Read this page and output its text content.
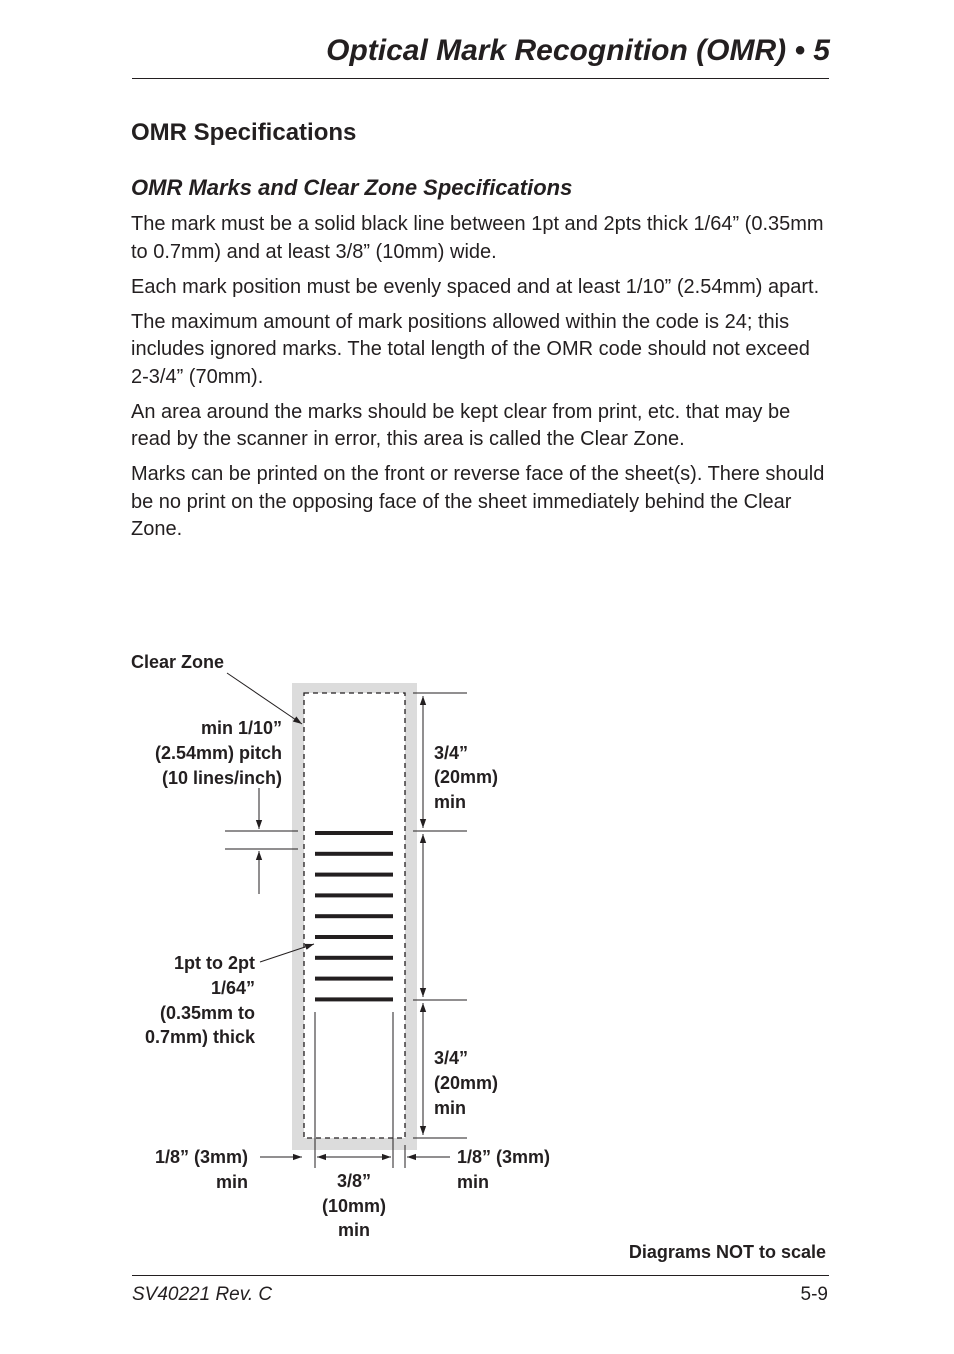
Optical Mark Recognition (OMR) • 5
OMR Specifications
OMR Marks and Clear Zone Specifications

The mark must be a solid black line between 1pt and 2pts thick 1/64” (0.35mm to 0.7mm) and at least 3/8” (10mm) wide.

Each mark position must be evenly spaced and at least 1/10” (2.54mm) apart.

The maximum amount of mark positions allowed within the code is 24; this includes ignored marks. The total length of the OMR code should not exceed 2-3/4” (70mm).

An area around the marks should be kept clear from print, etc. that may be read by the scanner in error, this area is called the Clear Zone.

Marks can be printed on the front or reverse face of the sheet(s). There should be no print on the opposing face of the sheet immediately behind the Clear Zone.

Clear Zone
min 1/10”
(2.54mm) pitch
(10 lines/inch)
1pt to 2pt
1/64”
(0.35mm to
0.7mm) thick
3/4”
(20mm)
min
3/4”
(20mm)
min
1/8” (3mm)
min
1/8” (3mm)
min
3/8”
(10mm)
min
Diagrams NOT to scale
SV40221 Rev. C	5-9
